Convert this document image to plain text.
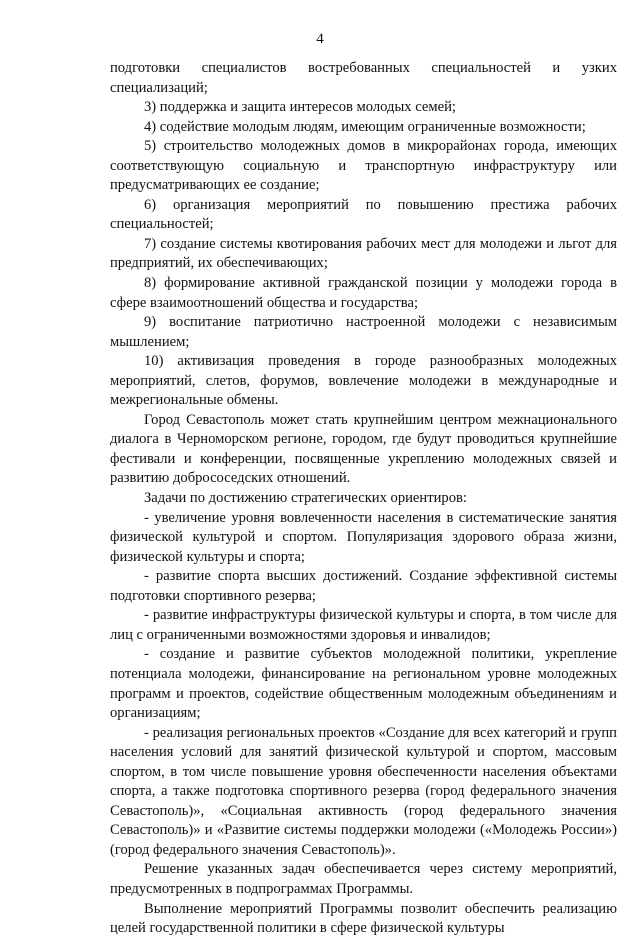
4

подготовки специалистов востребованных специальностей и узких специализаций;

3) поддержка и защита интересов молодых семей;

4) содействие молодым людям, имеющим ограниченные возможности;

5) строительство молодежных домов в микрорайонах города, имеющих соответствующую социальную и транспортную инфраструктуру или предусматривающих ее создание;

6) организация мероприятий по повышению престижа рабочих специальностей;

7) создание системы квотирования рабочих мест для молодежи и льгот для предприятий, их обеспечивающих;

8) формирование активной гражданской позиции у молодежи города в сфере взаимоотношений общества и государства;

9) воспитание патриотично настроенной молодежи с независимым мышлением;

10) активизация проведения в городе разнообразных молодежных мероприятий, слетов, форумов, вовлечение молодежи в международные и межрегиональные обмены.

Город Севастополь может стать крупнейшим центром межнационального диалога в Черноморском регионе, городом, где будут проводиться крупнейшие фестивали и конференции, посвященные укреплению молодежных связей и развитию добрососедских отношений.

Задачи по достижению стратегических ориентиров:

- увеличение уровня вовлеченности населения в систематические занятия физической культурой и спортом. Популяризация здорового образа жизни, физической культуры и спорта;

- развитие спорта высших достижений. Создание эффективной системы подготовки спортивного резерва;

- развитие инфраструктуры физической культуры и спорта, в том числе для лиц с ограниченными возможностями здоровья и инвалидов;

- создание и развитие субъектов молодежной политики, укрепление потенциала молодежи, финансирование на региональном уровне молодежных программ и проектов, содействие общественным молодежным объединениям и организациям;

- реализация региональных проектов «Создание для всех категорий и групп населения условий для занятий физической культурой и спортом, массовым спортом, в том числе повышение уровня обеспеченности населения объектами спорта, а также подготовка спортивного резерва (город федерального значения Севастополь)», «Социальная активность (город федерального значения Севастополь)» и «Развитие системы поддержки молодежи («Молодежь России») (город федерального значения Севастополь)».

Решение указанных задач обеспечивается через систему мероприятий, предусмотренных в подпрограммах Программы.

Выполнение мероприятий Программы позволит обеспечить реализацию целей государственной политики в сфере физической культуры
